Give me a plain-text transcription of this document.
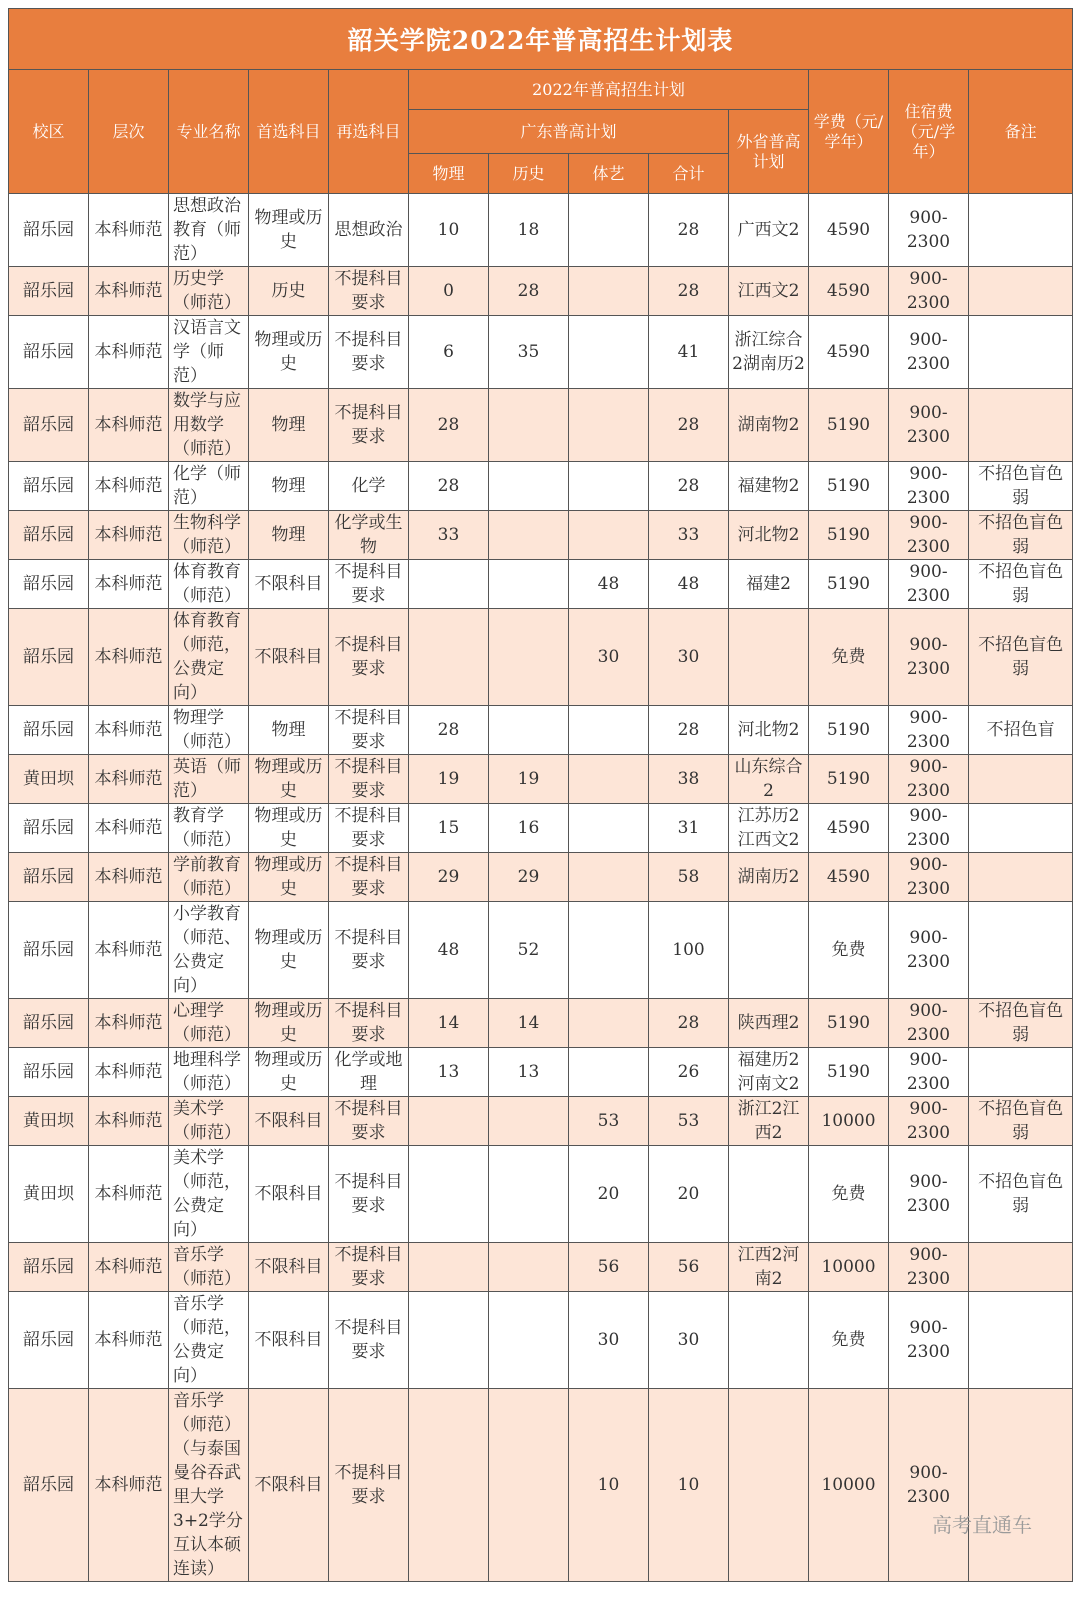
韶关学院2022年普高招生计划表												
校区	层次	专业名称	首选科目	再选科目	2022年普高招生计划					学费（元/学年）	住宿费（元/学年）	备注
					广东普高计划				外省普高计划			
					物理	历史	体艺	合计				
韶乐园	本科师范	思想政治教育（师范）	物理或历史	思想政治	10	18		28	广西文2	4590	900-2300	
韶乐园	本科师范	历史学（师范）	历史	不提科目要求	0	28		28	江西文2	4590	900-2300	
韶乐园	本科师范	汉语言文学（师范）	物理或历史	不提科目要求	6	35		41	浙江综合2湖南历2	4590	900-2300	
韶乐园	本科师范	数学与应用数学（师范）	物理	不提科目要求	28			28	湖南物2	5190	900-2300	
韶乐园	本科师范	化学（师范）	物理	化学	28			28	福建物2	5190	900-2300	不招色盲色弱
韶乐园	本科师范	生物科学（师范）	物理	化学或生物	33			33	河北物2	5190	900-2300	不招色盲色弱
韶乐园	本科师范	体育教育（师范）	不限科目	不提科目要求			48	48	福建2	5190	900-2300	不招色盲色弱
韶乐园	本科师范	体育教育（师范，公费定向）	不限科目	不提科目要求			30	30		免费	900-2300	不招色盲色弱
韶乐园	本科师范	物理学（师范）	物理	不提科目要求	28			28	河北物2	5190	900-2300	不招色盲
黄田坝	本科师范	英语（师范）	物理或历史	不提科目要求	19	19		38	山东综合2	5190	900-2300	
韶乐园	本科师范	教育学（师范）	物理或历史	不提科目要求	15	16		31	江苏历2江西文2	4590	900-2300	
韶乐园	本科师范	学前教育（师范）	物理或历史	不提科目要求	29	29		58	湖南历2	4590	900-2300	
韶乐园	本科师范	小学教育（师范、公费定向）	物理或历史	不提科目要求	48	52		100		免费	900-2300	
韶乐园	本科师范	心理学（师范）	物理或历史	不提科目要求	14	14		28	陕西理2	5190	900-2300	不招色盲色弱
韶乐园	本科师范	地理科学（师范）	物理或历史	化学或地理	13	13		26	福建历2河南文2	5190	900-2300	
黄田坝	本科师范	美术学（师范）	不限科目	不提科目要求			53	53	浙江2江西2	10000	900-2300	不招色盲色弱
黄田坝	本科师范	美术学（师范，公费定向）	不限科目	不提科目要求			20	20		免费	900-2300	不招色盲色弱
韶乐园	本科师范	音乐学（师范）	不限科目	不提科目要求			56	56	江西2河南2	10000	900-2300	
韶乐园	本科师范	音乐学（师范，公费定向）	不限科目	不提科目要求			30	30		免费	900-2300	
韶乐园	本科师范	音乐学（师范）（与泰国曼谷吞武里大学3+2学分互认本硕连读）	不限科目	不提科目要求			10	10		10000	900-2300	
高考直通车
